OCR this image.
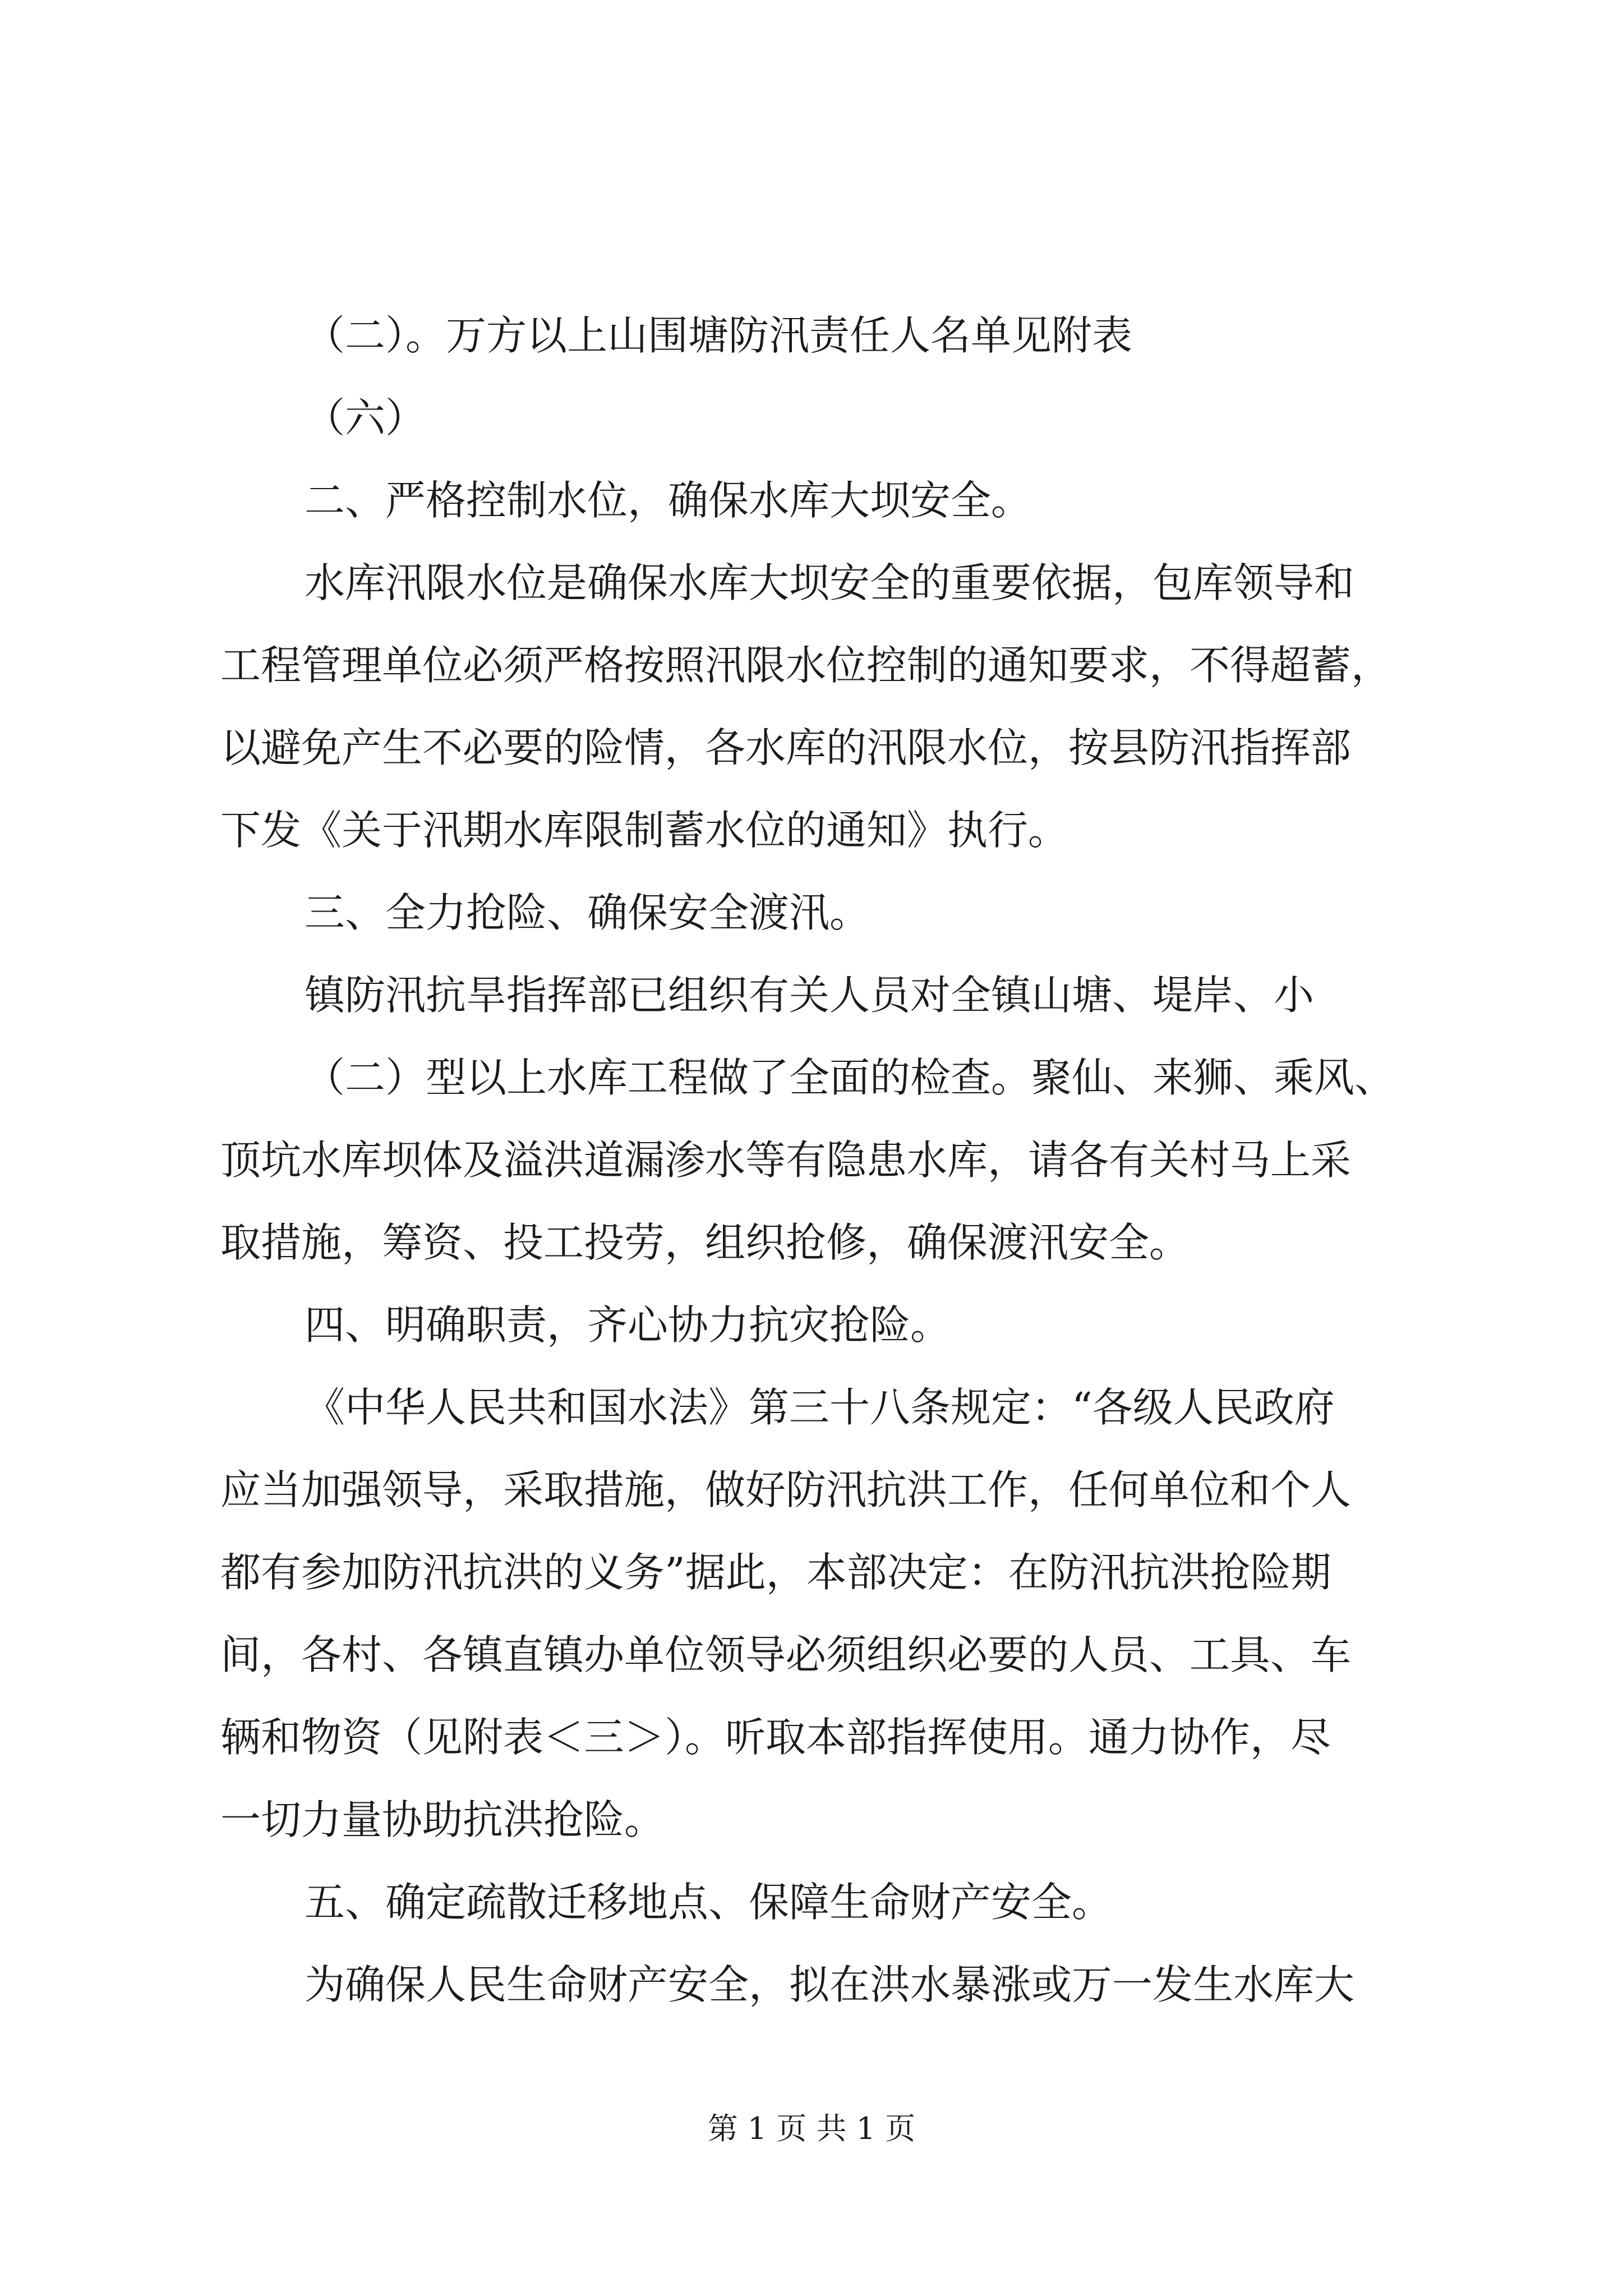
（二）。万方以上山围塘防汛责任人名单见附表
（六）
二、严格控制水位，确保水库大坝安全。
水库汛限水位是确保水库大坝安全的重要依据，包库领导和
工程管理单位必须严格按照汛限水位控制的通知要求，不得超蓄，
以避免产生不必要的险情，各水库的汛限水位，按县防汛指挥部
下发《关于汛期水库限制蓄水位的通知》执行。
三、全力抢险、确保安全渡汛。
镇防汛抗旱指挥部已组织有关人员对全镇山塘、堤岸、小
（二）型以上水库工程做了全面的检查。聚仙、来狮、乘风、
顶坑水库坝体及溢洪道漏渗水等有隐患水库，请各有关村马上采
取措施，筹资、投工投劳，组织抢修，确保渡汛安全。
四、明确职责，齐心协力抗灾抢险。
《中华人民共和国水法》第三十八条规定：“各级人民政府
应当加强领导，采取措施，做好防汛抗洪工作，任何单位和个人
都有参加防汛抗洪的义务”据此，本部决定：在防汛抗洪抢险期
间，各村、各镇直镇办单位领导必须组织必要的人员、工具、车
辆和物资（见附表＜三＞）。听取本部指挥使用。通力协作，尽
一切力量协助抗洪抢险。
五、确定疏散迁移地点、保障生命财产安全。
为确保人民生命财产安全，拟在洪水暴涨或万一发生水库大
第 1 页 共 1 页
